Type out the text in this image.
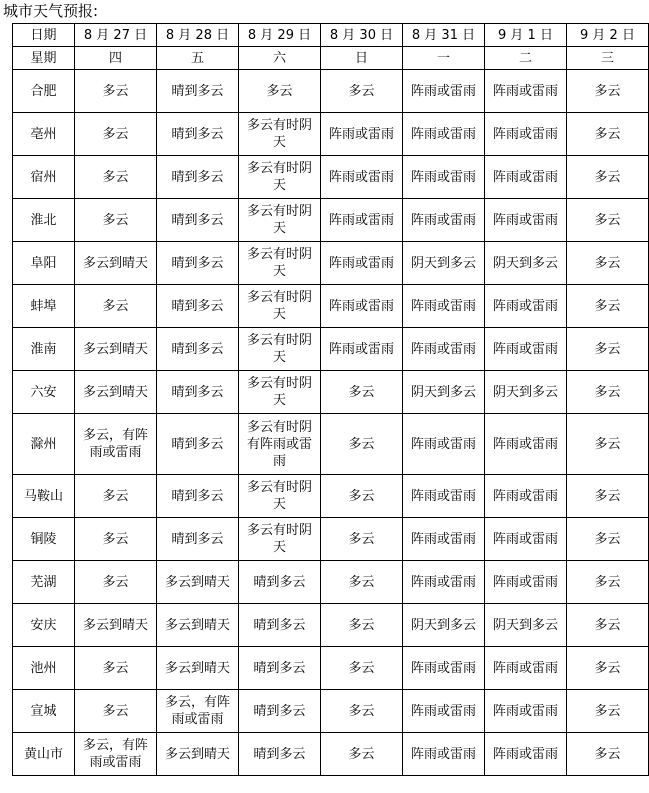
城市天气预报:
日期	8 月 27 日	8 月 28 日	8 月 29 日	8 月 30 日	8 月 31 日	9 月 1 日	9 月 2 日
星期	四	五	六	日	一	二	三
合肥	多云	晴到多云	多云	多云	阵雨或雷雨	阵雨或雷雨	多云
亳州	多云	晴到多云	多云有时阴天	阵雨或雷雨	阵雨或雷雨	阵雨或雷雨	多云
宿州	多云	晴到多云	多云有时阴天	阵雨或雷雨	阵雨或雷雨	阵雨或雷雨	多云
淮北	多云	晴到多云	多云有时阴天	阵雨或雷雨	阵雨或雷雨	阵雨或雷雨	多云
阜阳	多云到晴天	晴到多云	多云有时阴天	阵雨或雷雨	阴天到多云	阴天到多云	多云
蚌埠	多云	晴到多云	多云有时阴天	阵雨或雷雨	阵雨或雷雨	阵雨或雷雨	多云
淮南	多云到晴天	晴到多云	多云有时阴天	阵雨或雷雨	阵雨或雷雨	阵雨或雷雨	多云
六安	多云到晴天	晴到多云	多云有时阴天	多云	阴天到多云	阴天到多云	多云
滁州	多云，有阵雨或雷雨	晴到多云	多云有时阴有阵雨或雷雨	多云	阵雨或雷雨	阵雨或雷雨	多云
马鞍山	多云	晴到多云	多云有时阴天	多云	阵雨或雷雨	阵雨或雷雨	多云
铜陵	多云	晴到多云	多云有时阴天	多云	阵雨或雷雨	阵雨或雷雨	多云
芜湖	多云	多云到晴天	晴到多云	多云	阵雨或雷雨	阵雨或雷雨	多云
安庆	多云到晴天	多云到晴天	晴到多云	多云	阴天到多云	阴天到多云	多云
池州	多云	多云到晴天	晴到多云	多云	阵雨或雷雨	阵雨或雷雨	多云
宣城	多云	多云，有阵雨或雷雨	晴到多云	多云	阵雨或雷雨	阵雨或雷雨	多云
黄山市	多云，有阵雨或雷雨	多云到晴天	晴到多云	多云	阵雨或雷雨	阵雨或雷雨	多云
